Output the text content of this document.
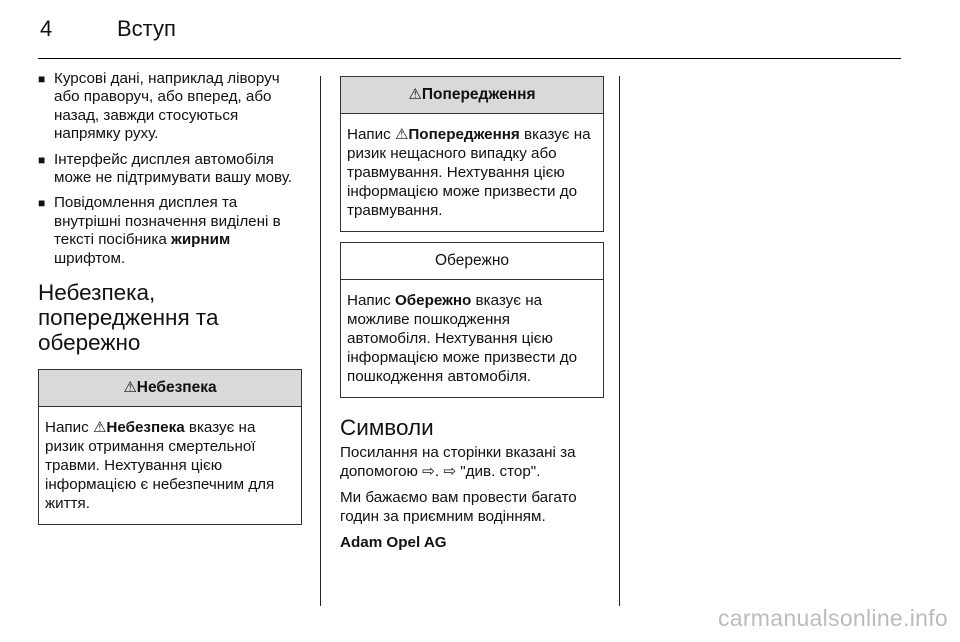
4	Вступ
■ Курсові дані, наприклад ліворуч або праворуч, або вперед, або назад, завжди стосуються напрямку руху.
■ Інтерфейс дисплея автомобіля може не підтримувати вашу мову.
■ Повідомлення дисплея та внутрішні позначення виділені в тексті посібника жирним шрифтом.
Небезпека, попередження та обережно
⚠Небезпека
Напис ⚠Небезпека вказує на ризик отримання смертельної травми. Нехтування цією інформацією є небезпечним для життя.
⚠Попередження
Напис ⚠Попередження вказує на ризик нещасного випадку або травмування. Нехтування цією інформацією може призвести до травмування.
Обережно
Напис Обережно вказує на можливе пошкодження автомобіля. Нехтування цією інформацією може призвести до пошкодження автомобіля.
Символи

Посилання на сторінки вказані за допомогою ⇨. ⇨ "див. стор".

Ми бажаємо вам провести багато годин за приємним водінням.

Adam Opel AG

carmanualsonline.info
